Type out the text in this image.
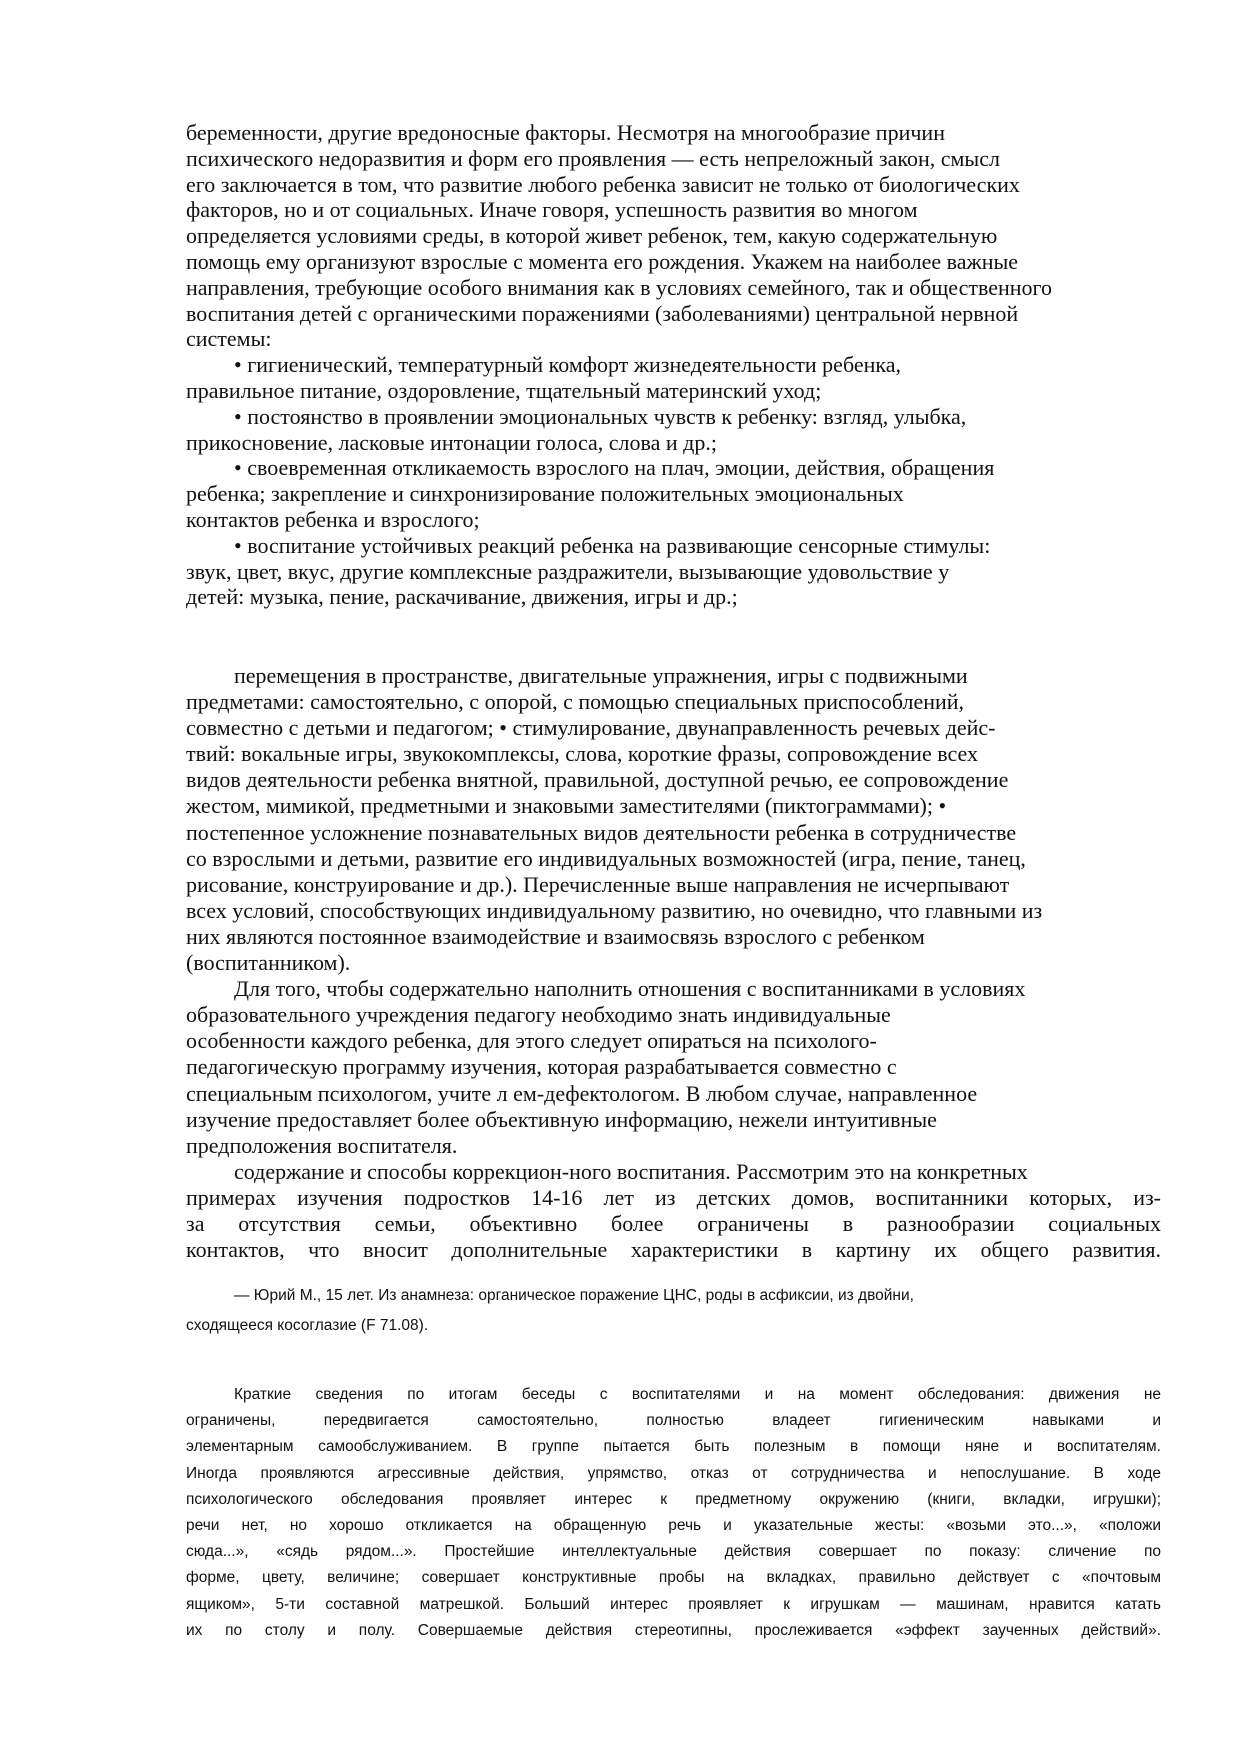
беременности, другие вредоносные факторы. Несмотря на многообразие причин
психического недоразвития и форм его проявления — есть непреложный закон, смысл
его заключается в том, что развитие любого ребенка зависит не только от биологических
факторов, но и от социальных. Иначе говоря, успешность развития во многом
определяется условиями среды, в которой живет ребенок, тем, какую содержательную
помощь ему организуют взрослые с момента его рождения. Укажем на наиболее важные
направления, требующие особого внимания как в условиях семейного, так и общественного
воспитания детей с органическими поражениями (заболеваниями) центральной нервной
системы:
• гигиенический, температурный комфорт жизнедеятельности ребенка,
правильное питание, оздоровление, тщательный материнский уход;
• постоянство в проявлении эмоциональных чувств к ребенку: взгляд, улыбка,
прикосновение, ласковые интонации голоса, слова и др.;
• своевременная откликаемость взрослого на плач, эмоции, действия, обращения
ребенка; закрепление и синхронизирование положительных эмоциональных
контактов ребенка и взрослого;
• воспитание устойчивых реакций ребенка на развивающие сенсорные стимулы:
звук, цвет, вкус, другие комплексные раздражители, вызывающие удовольствие у
детей: музыка, пение, раскачивание, движения, игры и др.;
перемещения в пространстве, двигательные упражнения, игры с подвижными
предметами: самостоятельно, с опорой, с помощью специальных приспособлений,
совместно с детьми и педагогом; • стимулирование, двунаправленность речевых дейс-
твий: вокальные игры, звукокомплексы, слова, короткие фразы, сопровождение всех
видов деятельности ребенка внятной, правильной, доступной речью, ее сопровождение
жестом, мимикой, предметными и знаковыми заместителями (пиктограммами); •
постепенное усложнение познавательных видов деятельности ребенка в сотрудничестве
со взрослыми и детьми, развитие его индивидуальных возможностей (игра, пение, танец,
рисование, конструирование и др.). Перечисленные выше направления не исчерпывают
всех условий, способствующих индивидуальному развитию, но очевидно, что главными из
них являются постоянное взаимодействие и взаимосвязь взрослого с ребенком
(воспитанником).
Для того, чтобы содержательно наполнить отношения с воспитанниками в условиях
образовательного учреждения педагогу необходимо знать индивидуальные
особенности каждого ребенка, для этого следует опираться на психолого-
педагогическую программу изучения, которая разрабатывается совместно с
специальным психологом, учите л ем-дефектологом. В любом случае, направленное
изучение предоставляет более объективную информацию, нежели интуитивные
предположения воспитателя.
содержание и способы коррекцион-ного воспитания. Рассмотрим это на конкретных
примерах изучения подростков 14-16 лет из детских домов, воспитанники которых, из-
за отсутствия семьи, объективно более ограничены в разнообразии социальных
контактов, что вносит дополнительные характеристики в картину их общего развития.
— Юрий М., 15 лет. Из анамнеза: органическое поражение ЦНС, роды в асфиксии, из двойни,
сходящееся косоглазие (F 71.08).
Краткие сведения по итогам беседы с воспитателями и на момент обследования: движения не
ограничены, передвигается самостоятельно, полностью владеет гигиеническим навыками и
элементарным самообслуживанием. В группе пытается быть полезным в помощи няне и воспитателям.
Иногда проявляются агрессивные действия, упрямство, отказ от сотрудничества и непослушание. В ходе
психологического обследования проявляет интерес к предметному окружению (книги, вкладки, игрушки);
речи нет, но хорошо откликается на обращенную речь и указательные жесты: «возьми это...», «положи
сюда...», «сядь рядом...». Простейшие интеллектуальные действия совершает по показу: сличение по
форме, цвету, величине; совершает конструктивные пробы на вкладках, правильно действует с «почтовым
ящиком», 5-ти составной матрешкой. Больший интерес проявляет к игрушкам — машинам, нравится катать
их по столу и полу. Совершаемые действия стереотипны, прослеживается «эффект заученных действий».
